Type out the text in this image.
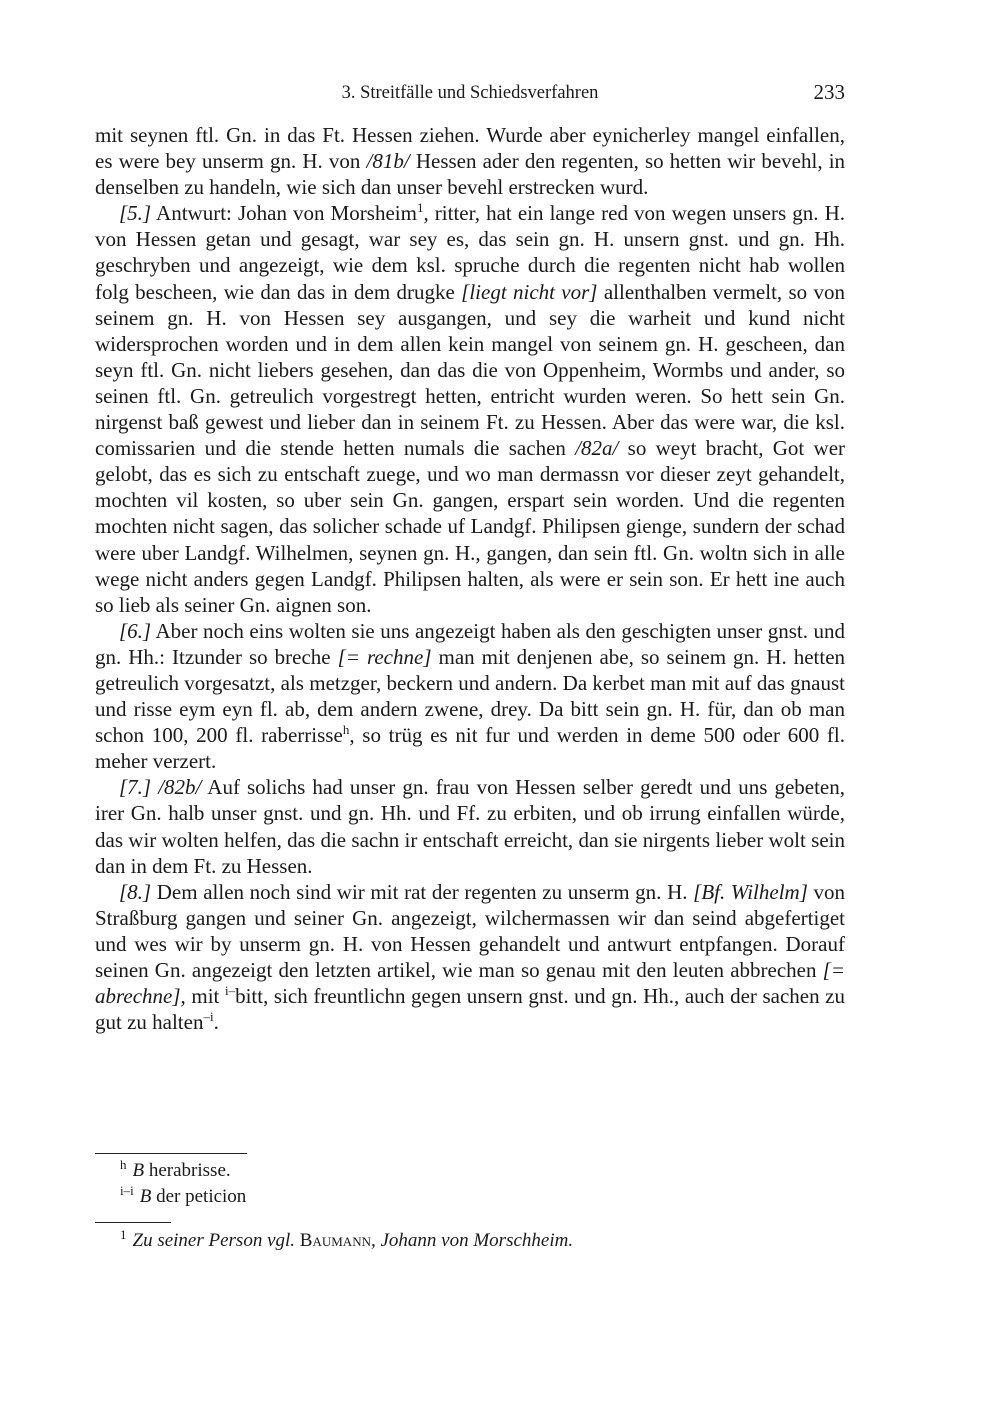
3. Streitfälle und Schiedsverfahren	233

mit seynen ftl. Gn. in das Ft. Hessen ziehen. Wurde aber eynicherley mangel einfallen, es were bey unserm gn. H. von /81b/ Hessen ader den regenten, so hetten wir bevehl, in denselben zu handeln, wie sich dan unser bevehl erstrecken wurd.

[5.] Antwurt: Johan von Morsheim$^1$, ritter, hat ein lange red von wegen unsers gn. H. von Hessen getan und gesagt, war sey es, das sein gn. H. unsern gnst. und gn. Hh. geschryben und angezeigt, wie dem ksl. spruche durch die regenten nicht hab wollen folg bescheen, wie dan das in dem drugke [liegt nicht vor] allenthalben vermelt, so von seinem gn. H. von Hessen sey ausgangen, und sey die warheit und kund nicht widersprochen worden und in dem allen kein mangel von seinem gn. H. gescheen, dan seyn ftl. Gn. nicht liebers gesehen, dan das die von Oppenheim, Wormbs und ander, so seinen ftl. Gn. getreulich vorgestregt hetten, entricht wurden weren. So hett sein Gn. nirgenst baß gewest und lieber dan in seinem Ft. zu Hessen. Aber das were war, die ksl. comissarien und die stende hetten numals die sachen /82a/ so weyt bracht, Got wer gelobt, das es sich zu entschaft zuege, und wo man dermassn vor dieser zeyt gehandelt, mochten vil kosten, so uber sein Gn. gangen, erspart sein worden. Und die regenten mochten nicht sagen, das solicher schade uf Landgf. Philipsen gienge, sundern der schad were uber Landgf. Wilhelmen, seynen gn. H., gangen, dan sein ftl. Gn. woltn sich in alle wege nicht anders gegen Landgf. Philipsen halten, als were er sein son. Er hett ine auch so lieb als seiner Gn. aignen son.

[6.] Aber noch eins wolten sie uns angezeigt haben als den geschigten unser gnst. und gn. Hh.: Itzunder so breche [= rechne] man mit denjenen abe, so seinem gn. H. hetten getreulich vorgesatzt, als metzger, beckern und andern. Da kerbet man mit auf das gnaust und risse eym eyn fl. ab, dem andern zwene, drey. Da bitt sein gn. H. für, dan ob man schon 100, 200 fl. raberrisse$^h$, so trüg es nit fur und werden in deme 500 oder 600 fl. meher verzert.

[7.] /82b/ Auf solichs had unser gn. frau von Hessen selber geredt und uns gebeten, irer Gn. halb unser gnst. und gn. Hh. und Ff. zu erbiten, und ob irrung einfallen würde, das wir wolten helfen, das die sachn ir entschaft erreicht, dan sie nirgents lieber wolt sein dan in dem Ft. zu Hessen.

[8.] Dem allen noch sind wir mit rat der regenten zu unserm gn. H. [Bf. Wilhelm] von Straßburg gangen und seiner Gn. angezeigt, wilchermassen wir dan seind abgefertiget und wes wir by unserm gn. H. von Hessen gehandelt und antwurt entpfangen. Dorauf seinen Gn. angezeigt den letzten artikel, wie man so genau mit den leuten abbrechen [= abrechne], mit $^{i-}$bitt, sich freuntlichn gegen unsern gnst. und gn. Hh., auch der sachen zu gut zu halten$^{-i}$.

$^h$ B herabrisse.
$^{i-i}$ B der peticion
$^1$ Zu seiner Person vgl. Baumann, Johann von Morschheim.
